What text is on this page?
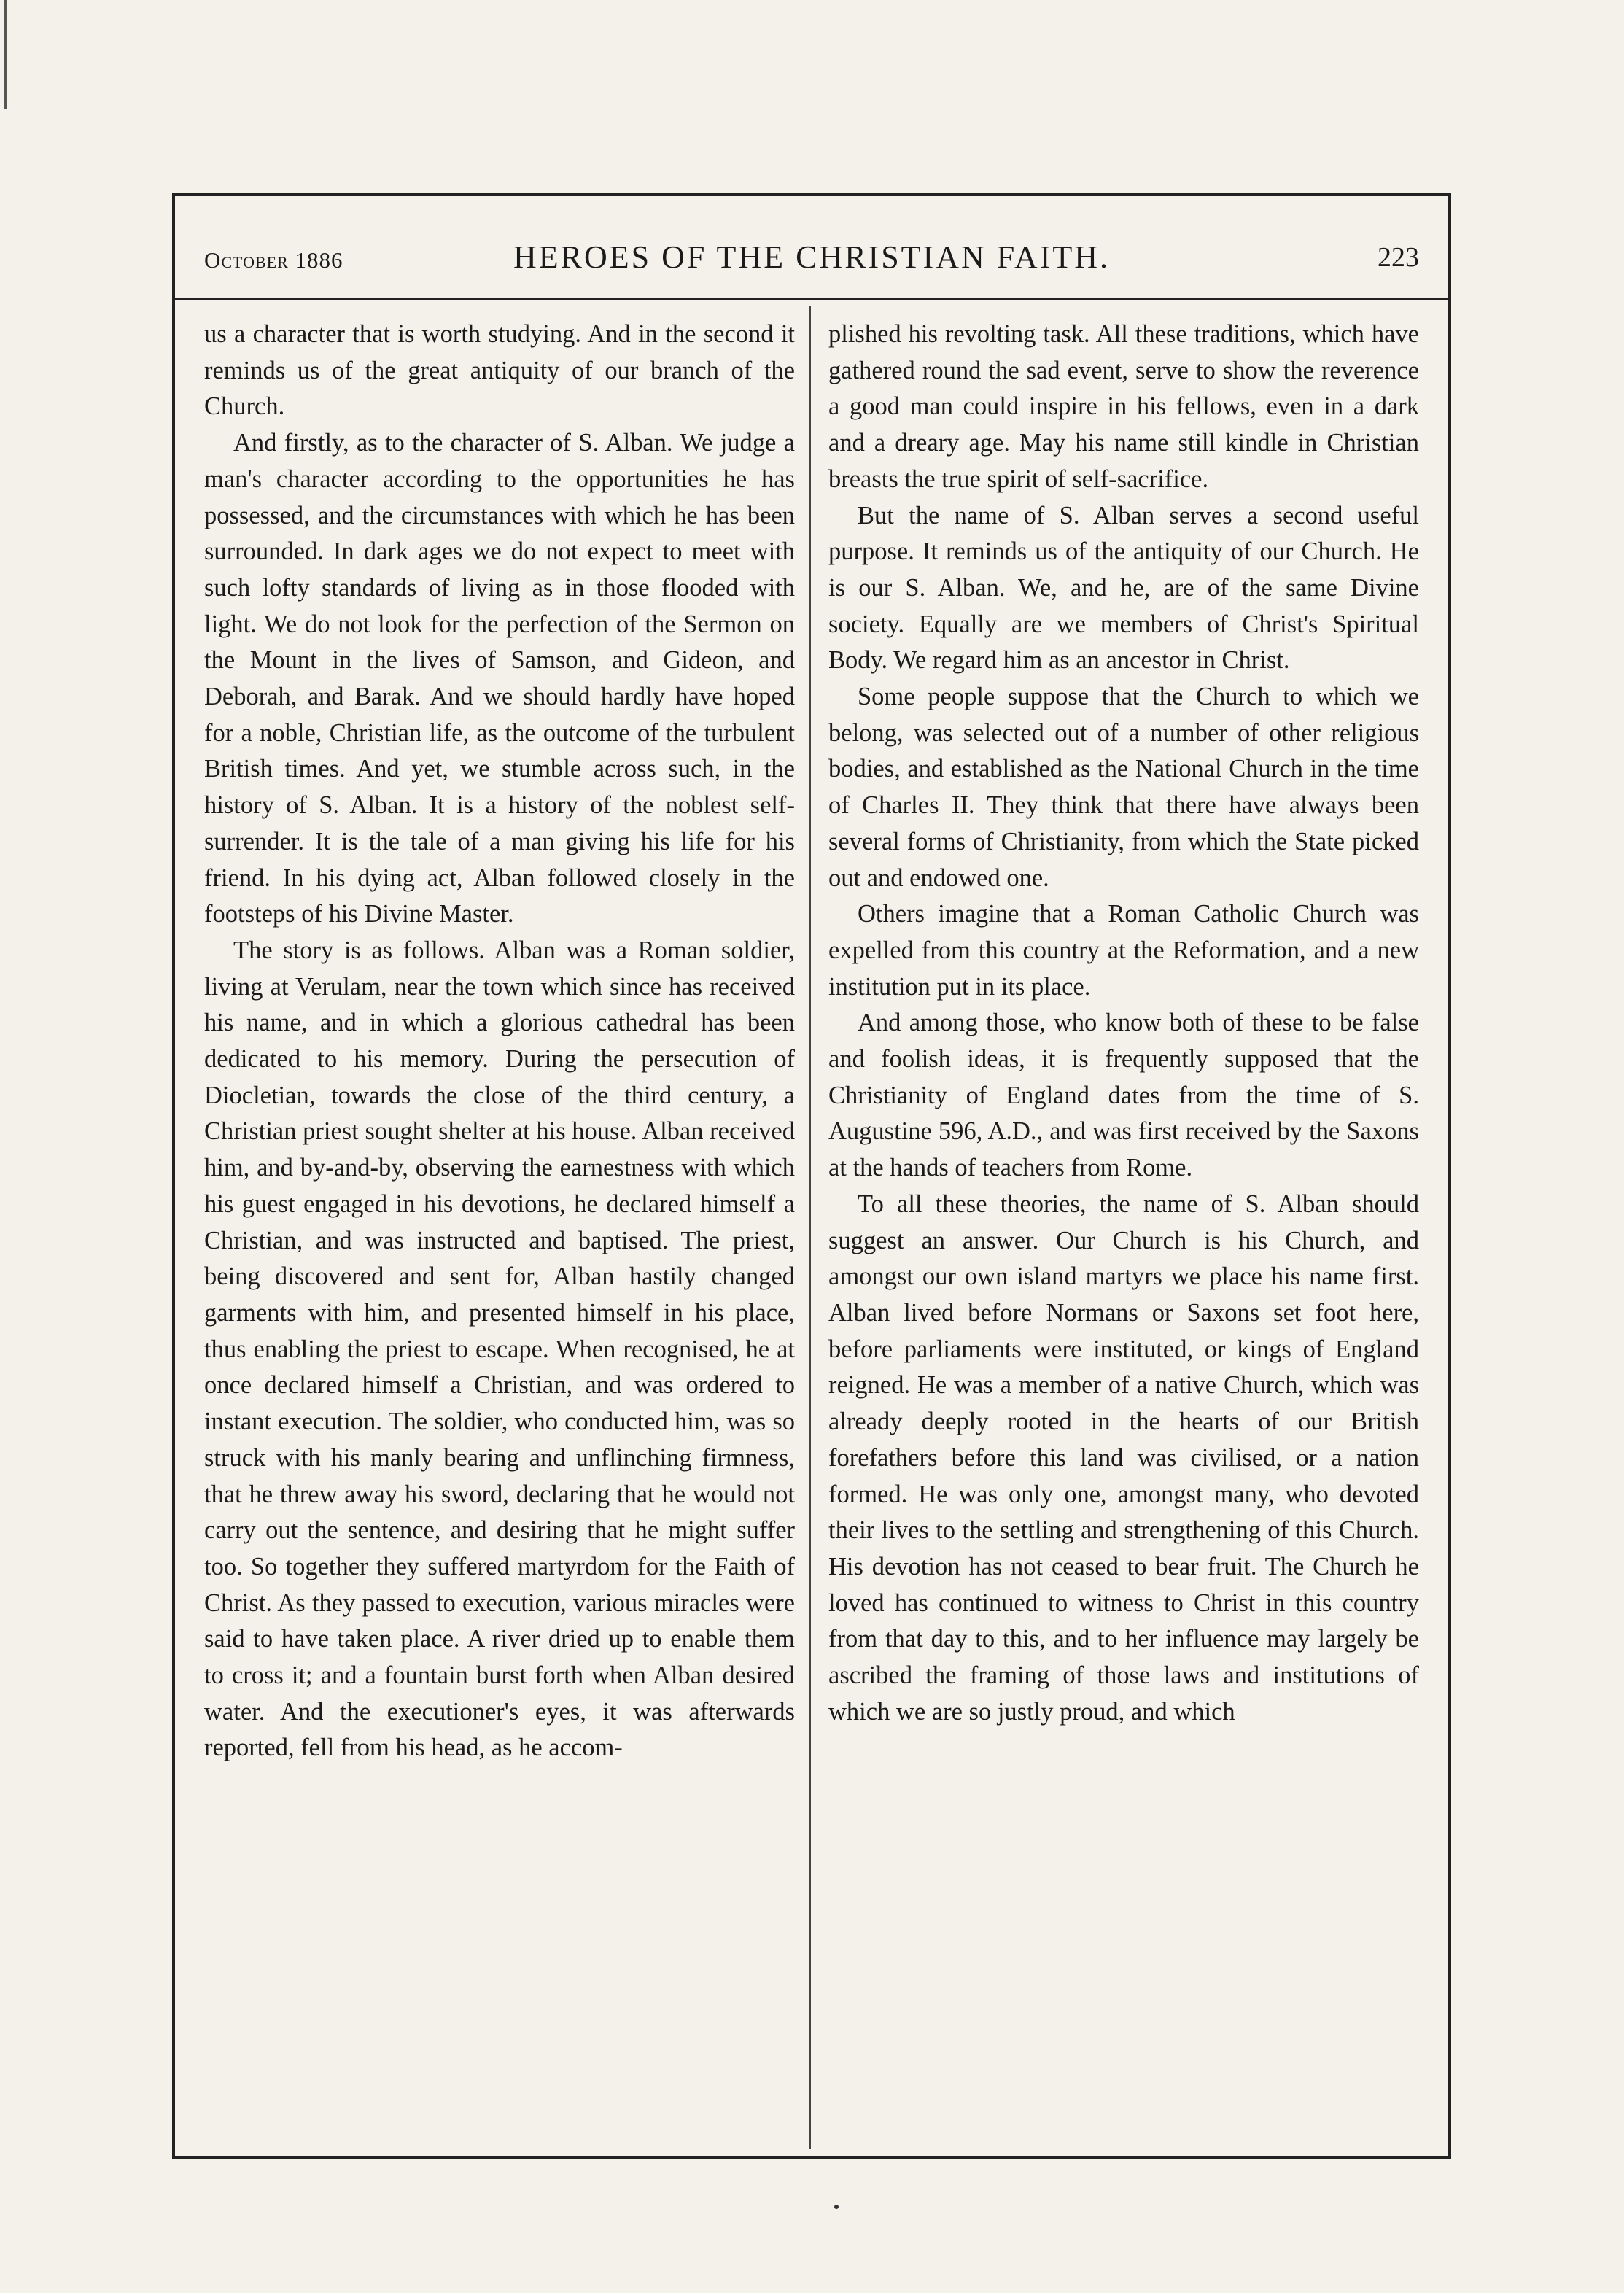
October 1886	HEROES OF THE CHRISTIAN FAITH.	223

us a character that is worth studying. And in the second it reminds us of the great antiquity of our branch of the Church.

And firstly, as to the character of S. Alban. We judge a man's character according to the opportunities he has possessed, and the circumstances with which he has been surrounded. In dark ages we do not expect to meet with such lofty standards of living as in those flooded with light. We do not look for the perfection of the Sermon on the Mount in the lives of Samson, and Gideon, and Deborah, and Barak. And we should hardly have hoped for a noble, Christian life, as the outcome of the turbulent British times. And yet, we stumble across such, in the history of S. Alban. It is a history of the noblest self-surrender. It is the tale of a man giving his life for his friend. In his dying act, Alban followed closely in the footsteps of his Divine Master.

The story is as follows. Alban was a Roman soldier, living at Verulam, near the town which since has received his name, and in which a glorious cathedral has been dedicated to his memory. During the persecution of Diocletian, towards the close of the third century, a Christian priest sought shelter at his house. Alban received him, and by-and-by, observing the earnestness with which his guest engaged in his devotions, he declared himself a Christian, and was instructed and baptised. The priest, being discovered and sent for, Alban hastily changed garments with him, and presented himself in his place, thus enabling the priest to escape. When recognised, he at once declared himself a Christian, and was ordered to instant execution. The soldier, who conducted him, was so struck with his manly bearing and unflinching firmness, that he threw away his sword, declaring that he would not carry out the sentence, and desiring that he might suffer too. So together they suffered martyrdom for the Faith of Christ. As they passed to execution, various miracles were said to have taken place. A river dried up to enable them to cross it; and a fountain burst forth when Alban desired water. And the executioner's eyes, it was afterwards reported, fell from his head, as he accom-

plished his revolting task. All these traditions, which have gathered round the sad event, serve to show the reverence a good man could inspire in his fellows, even in a dark and a dreary age. May his name still kindle in Christian breasts the true spirit of self-sacrifice.

But the name of S. Alban serves a second useful purpose. It reminds us of the antiquity of our Church. He is our S. Alban. We, and he, are of the same Divine society. Equally are we members of Christ's Spiritual Body. We regard him as an ancestor in Christ.

Some people suppose that the Church to which we belong, was selected out of a number of other religious bodies, and established as the National Church in the time of Charles II. They think that there have always been several forms of Christianity, from which the State picked out and endowed one.

Others imagine that a Roman Catholic Church was expelled from this country at the Reformation, and a new institution put in its place.

And among those, who know both of these to be false and foolish ideas, it is frequently supposed that the Christianity of England dates from the time of S. Augustine 596, A.D., and was first received by the Saxons at the hands of teachers from Rome.

To all these theories, the name of S. Alban should suggest an answer. Our Church is his Church, and amongst our own island martyrs we place his name first. Alban lived before Normans or Saxons set foot here, before parliaments were instituted, or kings of England reigned. He was a member of a native Church, which was already deeply rooted in the hearts of our British forefathers before this land was civilised, or a nation formed. He was only one, amongst many, who devoted their lives to the settling and strengthening of this Church. His devotion has not ceased to bear fruit. The Church he loved has continued to witness to Christ in this country from that day to this, and to her influence may largely be ascribed the framing of those laws and institutions of which we are so justly proud, and which
